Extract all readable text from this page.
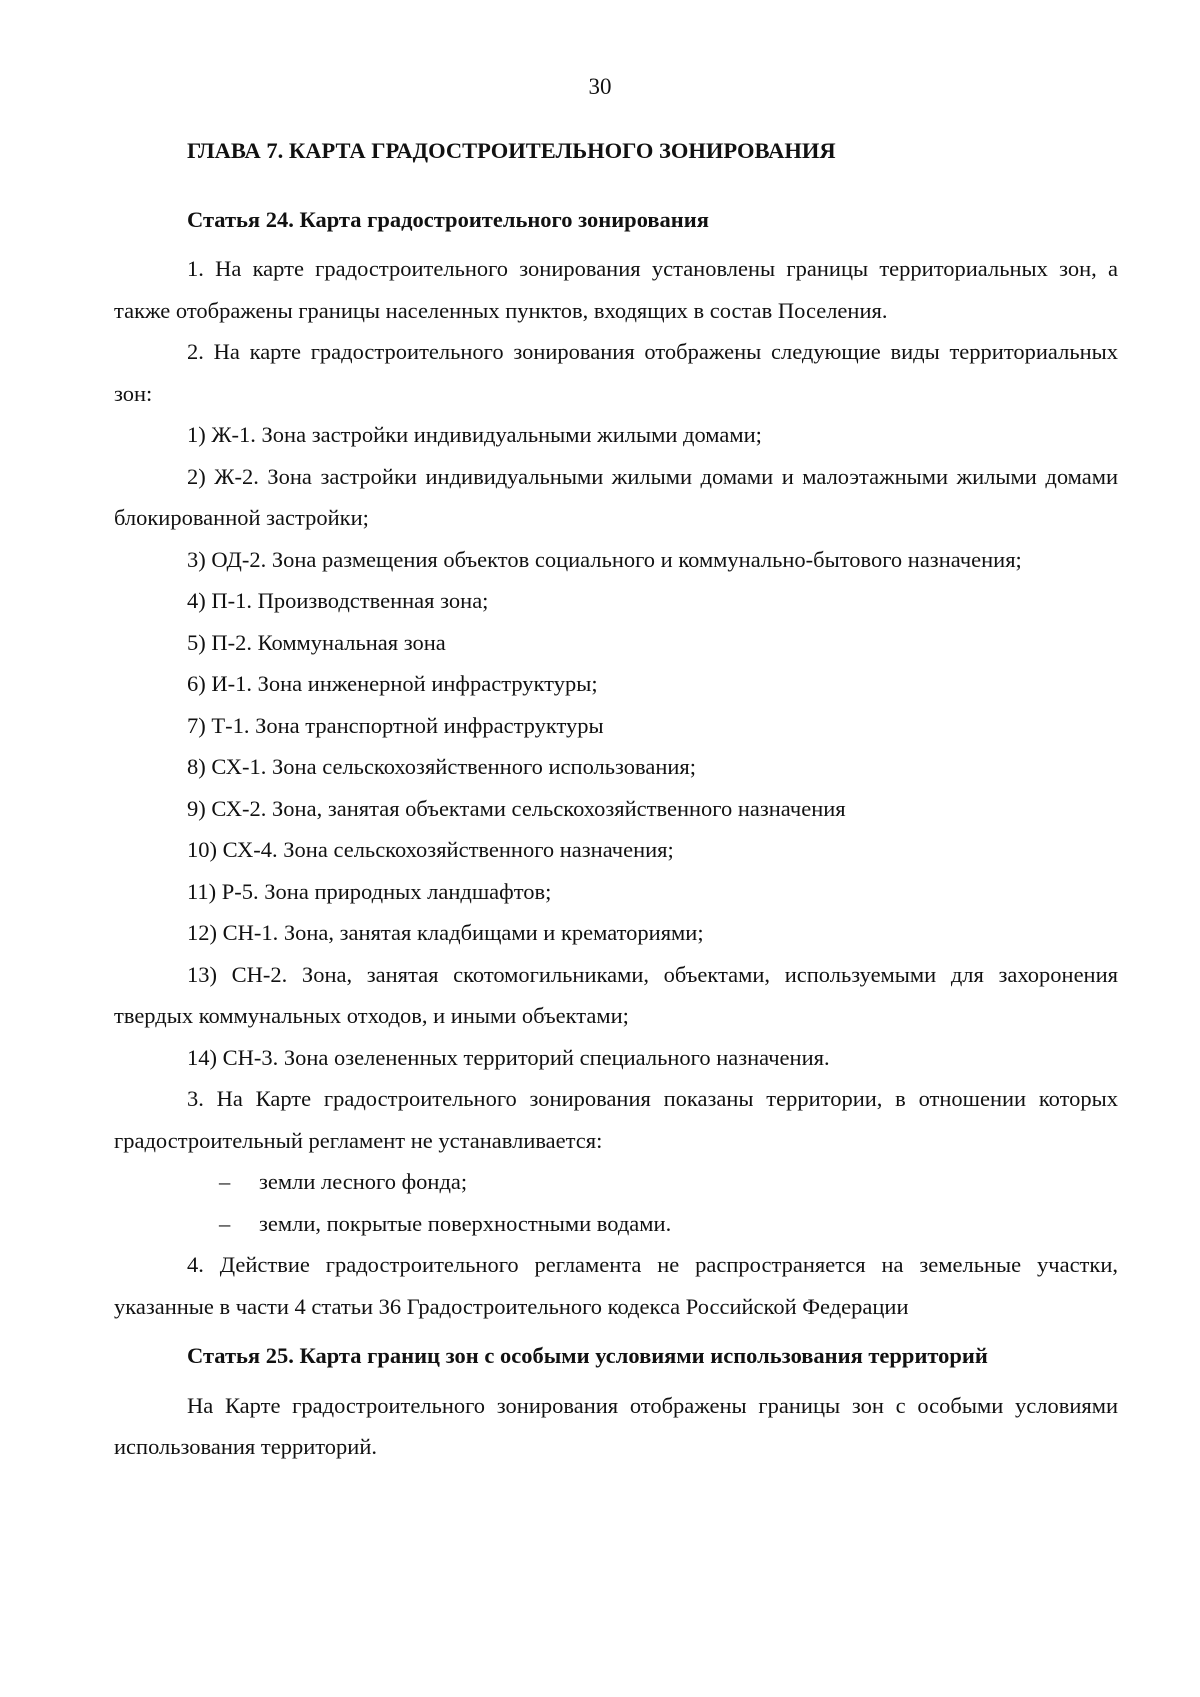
30
ГЛАВА 7. КАРТА ГРАДОСТРОИТЕЛЬНОГО ЗОНИРОВАНИЯ
Статья 24. Карта градостроительного зонирования

1. На карте градостроительного зонирования установлены границы территориальных зон, а также отображены границы населенных пунктов, входящих в состав Поселения.

2. На карте градостроительного зонирования отображены следующие виды территориальных зон:

1) Ж-1. Зона застройки индивидуальными жилыми домами;

2) Ж-2. Зона застройки индивидуальными жилыми домами и малоэтажными жилыми домами блокированной застройки;

3) ОД-2. Зона размещения объектов социального и коммунально-бытового назначения;

4) П-1. Производственная зона;

5) П-2. Коммунальная зона

6) И-1. Зона инженерной инфраструктуры;

7) Т-1. Зона транспортной инфраструктуры

8) СХ-1. Зона сельскохозяйственного использования;

9) СХ-2. Зона, занятая объектами сельскохозяйственного назначения

10) СХ-4. Зона сельскохозяйственного назначения;

11) Р-5. Зона природных ландшафтов;

12) СН-1. Зона, занятая кладбищами и крематориями;

13) СН-2. Зона, занятая скотомогильниками, объектами, используемыми для захоронения твердых коммунальных отходов, и иными объектами;

14) СН-3. Зона озелененных территорий специального назначения.

3. На Карте градостроительного зонирования показаны территории, в отношении которых градостроительный регламент не устанавливается:

– земли лесного фонда;
– земли, покрытые поверхностными водами.

4. Действие градостроительного регламента не распространяется на земельные участки, указанные в части 4 статьи 36 Градостроительного кодекса Российской Федерации

Статья 25. Карта границ зон с особыми условиями использования территорий

На Карте градостроительного зонирования отображены границы зон с особыми условиями использования территорий.
